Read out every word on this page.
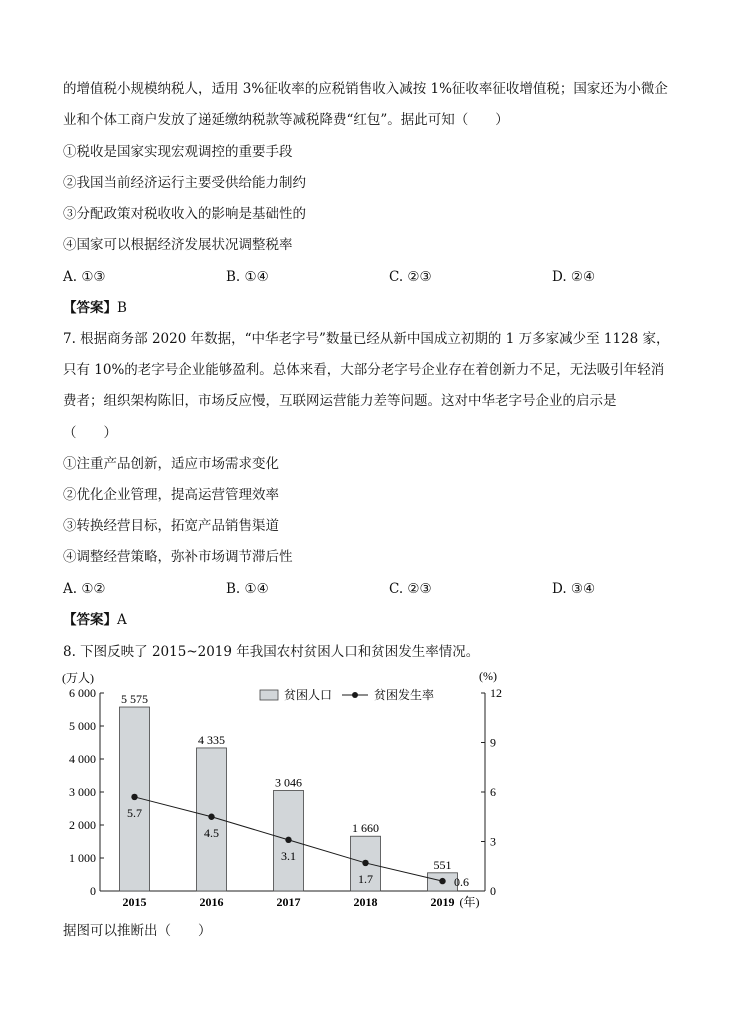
的增值税小规模纳税人，适用 3%征收率的应税销售收入减按 1%征收率征收增值税；国家还为小微企
业和个体工商户发放了递延缴纳税款等减税降费“红包”。据此可知（　　）
①税收是国家实现宏观调控的重要手段
②我国当前经济运行主要受供给能力制约
③分配政策对税收收入的影响是基础性的
④国家可以根据经济发展状况调整税率
A. ①③	B. ①④	C. ②③	D. ②④
【答案】B
7. 根据商务部 2020 年数据，“中华老字号”数量已经从新中国成立初期的 1 万多家减少至 1128 家，
只有 10%的老字号企业能够盈利。总体来看，大部分老字号企业存在着创新力不足，无法吸引年轻消
费者；组织架构陈旧，市场反应慢，互联网运营能力差等问题。这对中华老字号企业的启示是
（　　）
①注重产品创新，适应市场需求变化
②优化企业管理，提高运营管理效率
③转换经营目标，拓宽产品销售渠道
④调整经营策略，弥补市场调节滞后性
A. ①②	B. ①④	C. ②③	D. ③④
【答案】A
8. 下图反映了 2015~2019 年我国农村贫困人口和贫困发生率情况。
0
1 000
2 000
3 000
4 000
5 000
6 000
(万人)
0
3
6
9
12
(%)
2015	2016	2017	2018	2019 (年)
5 575
4 335
3 046
1 660
551
5.7
4.5
3.1
1.7	0.6
贫困人口	贫困发生率
据图可以推断出（　　）
